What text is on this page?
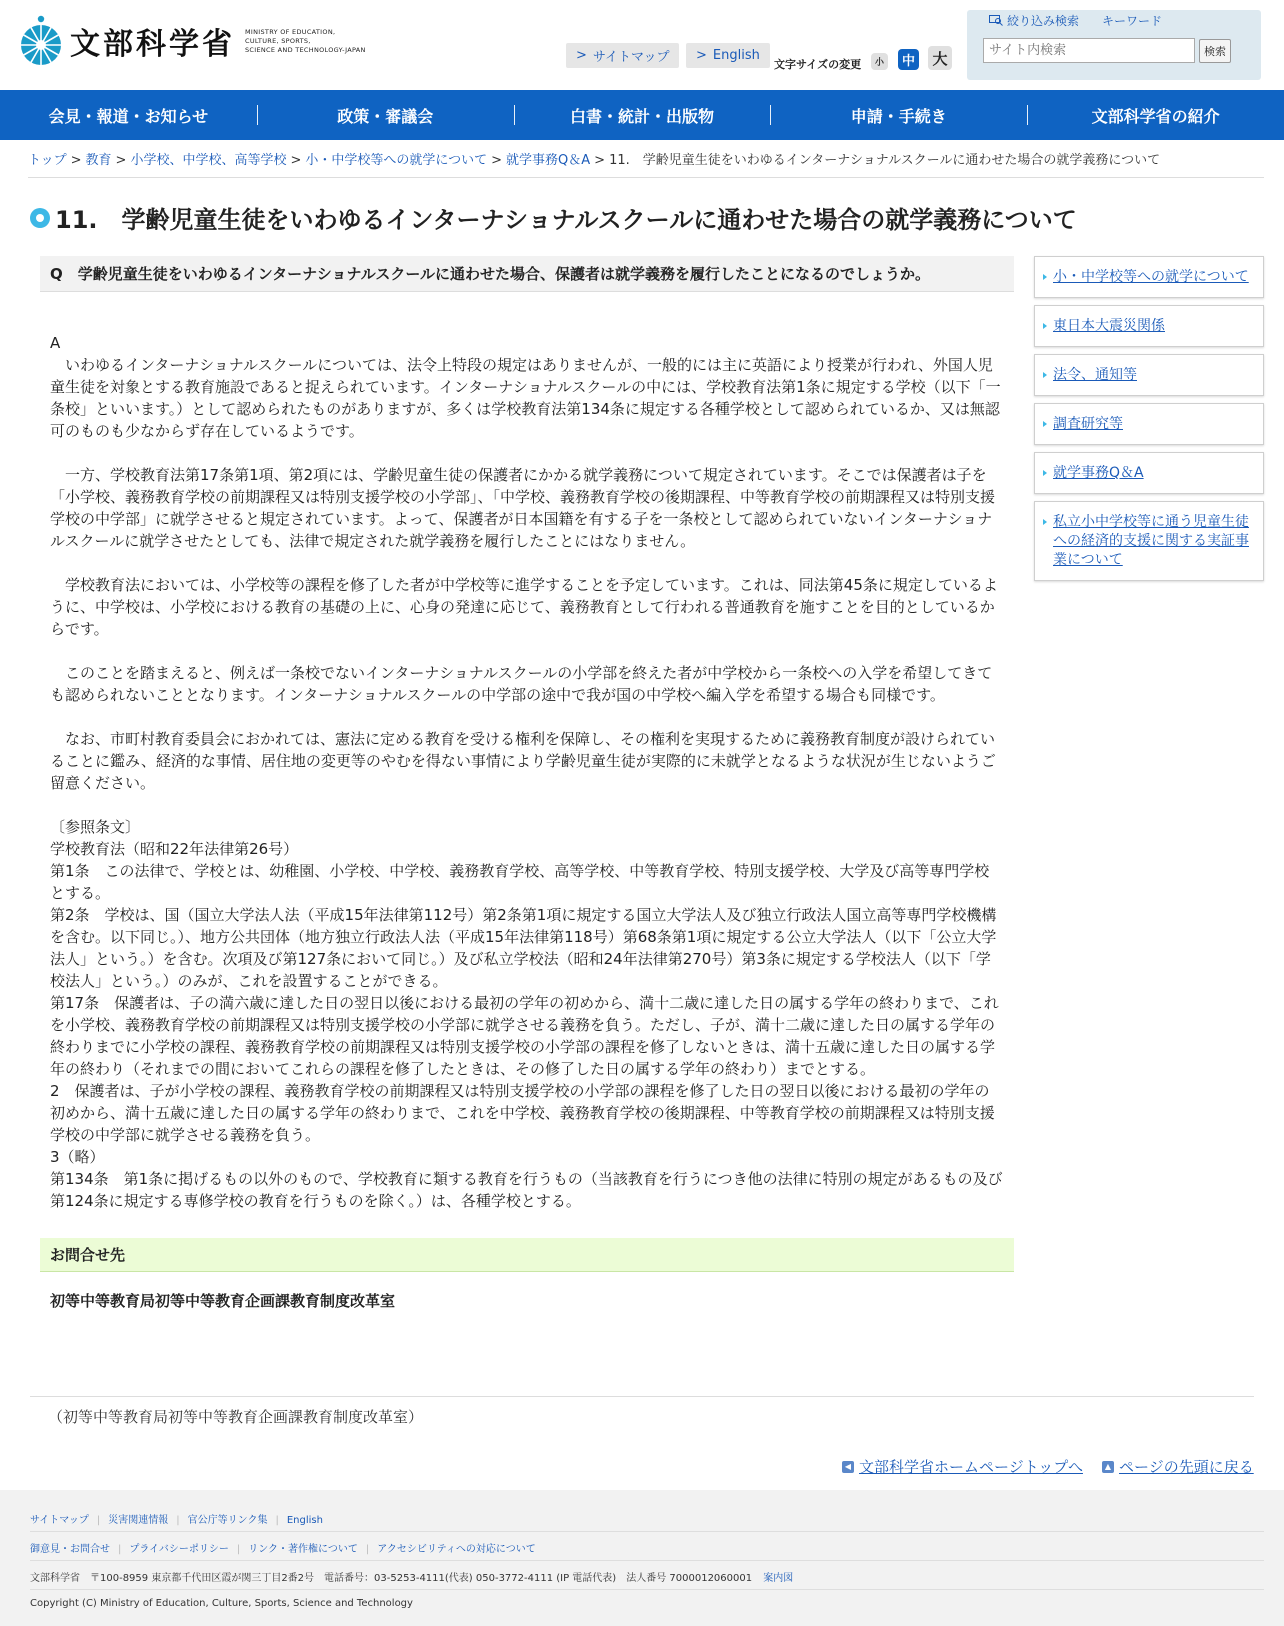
文部科学省 MINISTRY OF EDUCATION,
CULTURE, SPORTS,
SCIENCE AND TECHNOLOGY-JAPAN	> サイトマップ > English
文字サイズの変更	小	中 大
絞り込み検索 キーワード
サイト内検索
検索
会見・報道・お知らせ	政策・審議会	白書・統計・出版物	申請・手続き	文部科学省の紹介
トップ > 教育 > 小学校、中学校、高等学校 > 小・中学校等への就学について > 就学事務Q＆A > 11.　学齢児童生徒をいわゆるインターナショナルスクールに通わせた場合の就学義務について
11.　学齢児童生徒をいわゆるインターナショナルスクールに通わせた場合の就学義務について
Q　学齢児童生徒をいわゆるインターナショナルスクールに通わせた場合、保護者は就学義務を履行したことになるのでしょうか。
A

　いわゆるインターナショナルスクールについては、法令上特段の規定はありませんが、一般的には主に英語により授業が行われ、外国人児童生徒を対象とする教育施設であると捉えられています。インターナショナルスクールの中には、学校教育法第1条に規定する学校（以下「一条校」といいます。）として認められたものがありますが、多くは学校教育法第134条に規定する各種学校として認められているか、又は無認可のものも少なからず存在しているようです。

　一方、学校教育法第17条第1項、第2項には、学齢児童生徒の保護者にかかる就学義務について規定されています。そこでは保護者は子を「小学校、義務教育学校の前期課程又は特別支援学校の小学部」、「中学校、義務教育学校の後期課程、中等教育学校の前期課程又は特別支援学校の中学部」に就学させると規定されています。よって、保護者が日本国籍を有する子を一条校として認められていないインターナショナルスクールに就学させたとしても、法律で規定された就学義務を履行したことにはなりません。

　学校教育法においては、小学校等の課程を修了した者が中学校等に進学することを予定しています。これは、同法第45条に規定しているように、中学校は、小学校における教育の基礎の上に、心身の発達に応じて、義務教育として行われる普通教育を施すことを目的としているからです。

　このことを踏まえると、例えば一条校でないインターナショナルスクールの小学部を終えた者が中学校から一条校への入学を希望してきても認められないこととなります。インターナショナルスクールの中学部の途中で我が国の中学校へ編入学を希望する場合も同様です。

　なお、市町村教育委員会におかれては、憲法に定める教育を受ける権利を保障し、その権利を実現するために義務教育制度が設けられていることに鑑み、経済的な事情、居住地の変更等のやむを得ない事情により学齢児童生徒が実際的に未就学となるような状況が生じないようご留意ください。

〔参照条文〕

学校教育法（昭和22年法律第26号）

第1条　この法律で、学校とは、幼稚園、小学校、中学校、義務教育学校、高等学校、中等教育学校、特別支援学校、大学及び高等専門学校とする。

第2条　学校は、国（国立大学法人法（平成15年法律第112号）第2条第1項に規定する国立大学法人及び独立行政法人国立高等専門学校機構を含む。以下同じ。）、地方公共団体（地方独立行政法人法（平成15年法律第118号）第68条第1項に規定する公立大学法人（以下「公立大学法人」という。）を含む。次項及び第127条において同じ。）及び私立学校法（昭和24年法律第270号）第3条に規定する学校法人（以下「学校法人」という。）のみが、これを設置することができる。

第17条　保護者は、子の満六歳に達した日の翌日以後における最初の学年の初めから、満十二歳に達した日の属する学年の終わりまで、これを小学校、義務教育学校の前期課程又は特別支援学校の小学部に就学させる義務を負う。ただし、子が、満十二歳に達した日の属する学年の終わりまでに小学校の課程、義務教育学校の前期課程又は特別支援学校の小学部の課程を修了しないときは、満十五歳に達した日の属する学年の終わり（それまでの間においてこれらの課程を修了したときは、その修了した日の属する学年の終わり）までとする。

2　保護者は、子が小学校の課程、義務教育学校の前期課程又は特別支援学校の小学部の課程を修了した日の翌日以後における最初の学年の初めから、満十五歳に達した日の属する学年の終わりまで、これを中学校、義務教育学校の後期課程、中等教育学校の前期課程又は特別支援学校の中学部に就学させる義務を負う。

3（略）

第134条　第1条に掲げるもの以外のもので、学校教育に類する教育を行うもの（当該教育を行うにつき他の法律に特別の規定があるもの及び第124条に規定する専修学校の教育を行うものを除く。）は、各種学校とする。

お問合せ先
初等中等教育局初等中等教育企画課教育制度改革室
（初等中等教育局初等中等教育企画課教育制度改革室）
◀ 文部科学省ホームページトップへ	▲ ページの先頭に戻る
小・中学校等への就学について
東日本大震災関係
法令、通知等
調査研究等
就学事務Q＆A
私立小中学校等に通う児童生徒への経済的支援に関する実証事業について
サイトマップ | 災害関連情報 | 官公庁等リンク集 | English
御意見・お問合せ | プライバシーポリシー | リンク・著作権について | アクセシビリティへの対応について
文部科学省　〒100-8959 東京都千代田区霞が関三丁目2番2号　電話番号：03-5253-4111(代表) 050-3772-4111 (IP 電話代表)　法人番号 7000012060001 案内図
Copyright (C) Ministry of Education, Culture, Sports, Science and Technology
